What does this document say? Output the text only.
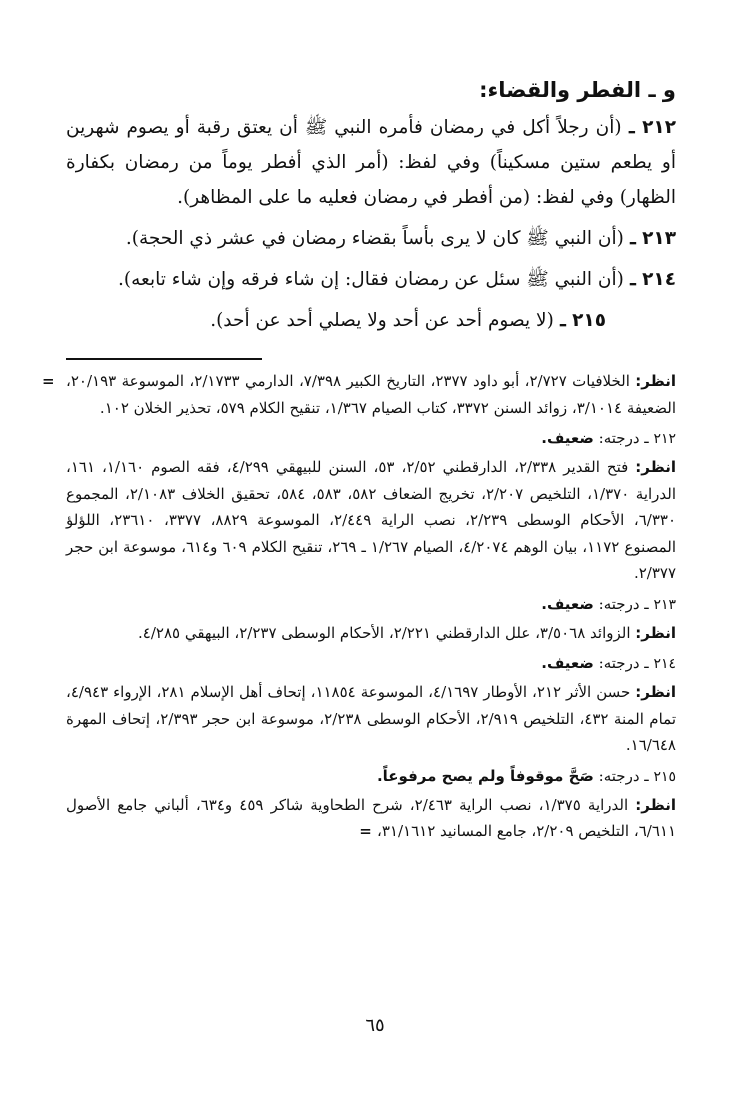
و ـ الفطر والقضاء:
٢١٢ ـ (أن رجلاً أكل في رمضان فأمره النبي ﷺ أن يعتق رقبة أو يصوم شهرين أو يطعم ستين مسكيناً) وفي لفظ: (أمر الذي أفطر يوماً من رمضان بكفارة الظهار) وفي لفظ: (من أفطر في رمضان فعليه ما على المظاهر).
٢١٣ ـ (أن النبي ﷺ كان لا يرى بأساً بقضاء رمضان في عشر ذي الحجة).
٢١٤ ـ (أن النبي ﷺ سئل عن رمضان فقال: إن شاء فرقه وإن شاء تابعه).
٢١٥ ـ (لا يصوم أحد عن أحد ولا يصلي أحد عن أحد).
=	انظر: الخلافيات ٢/٧٢٧، أبو داود ٢٣٧٧، التاريخ الكبير ٧/٣٩٨، الدارمي ٢/١٧٣٣، الموسوعة ٢٠/١٩٣، الضعيفة ٣/١٠١٤، زوائد السنن ٣٣٧٢، كتاب الصيام ١/٣٦٧، تنقيح الكلام ٥٧٩، تحذير الخلان ١٠٢.
٢١٢ ـ درجته: ضعيف.
انظر: فتح القدير ٢/٣٣٨، الدارقطني ٢/٥٢، ٥٣، السنن للبيهقي ٤/٢٩٩، فقه الصوم ١/١٦٠، ١٦١، الدراية ١/٣٧٠، التلخيص ٢/٢٠٧، تخريج الضعاف ٥٨٢، ٥٨٣، ٥٨٤، تحقيق الخلاف ٢/١٠٨٣، المجموع ٦/٣٣٠، الأحكام الوسطى ٢/٢٣٩، نصب الراية ٢/٤٤٩، الموسوعة ٨٨٢٩، ٣٣٧٧، ٢٣٦١٠، اللؤلؤ المصنوع ١١٧٢، بيان الوهم ٤/٢٠٧٤، الصيام ١/٢٦٧ ـ ٢٦٩، تنقيح الكلام ٦٠٩ و٦١٤، موسوعة ابن حجر ٢/٣٧٧.
٢١٣ ـ درجته: ضعيف.
انظر: الزوائد ٣/٥٠٦٨، علل الدارقطني ٢/٢٢١، الأحكام الوسطى ٢/٢٣٧، البيهقي ٤/٢٨٥.
٢١٤ ـ درجته: ضعيف.
انظر: حسن الأثر ٢١٢، الأوطار ٤/١٦٩٧، الموسوعة ١١٨٥٤، إتحاف أهل الإسلام ٢٨١، الإرواء ٤/٩٤٣، تمام المنة ٤٣٢، التلخيص ٢/٩١٩، الأحكام الوسطى ٢/٢٣٨، موسوعة ابن حجر ٢/٣٩٣، إتحاف المهرة ١٦/٦٤٨.
٢١٥ ـ درجته: صَحَّ موقوفاً ولم يصح مرفوعاً.
انظر: الدراية ١/٣٧٥، نصب الراية ٢/٤٦٣، شرح الطحاوية شاكر ٤٥٩ و٦٣٤، ألباني جامع الأصول ٦/٦١١، التلخيص ٢/٢٠٩، جامع المسانيد ٣١/١٦١٢، =
٦٥
